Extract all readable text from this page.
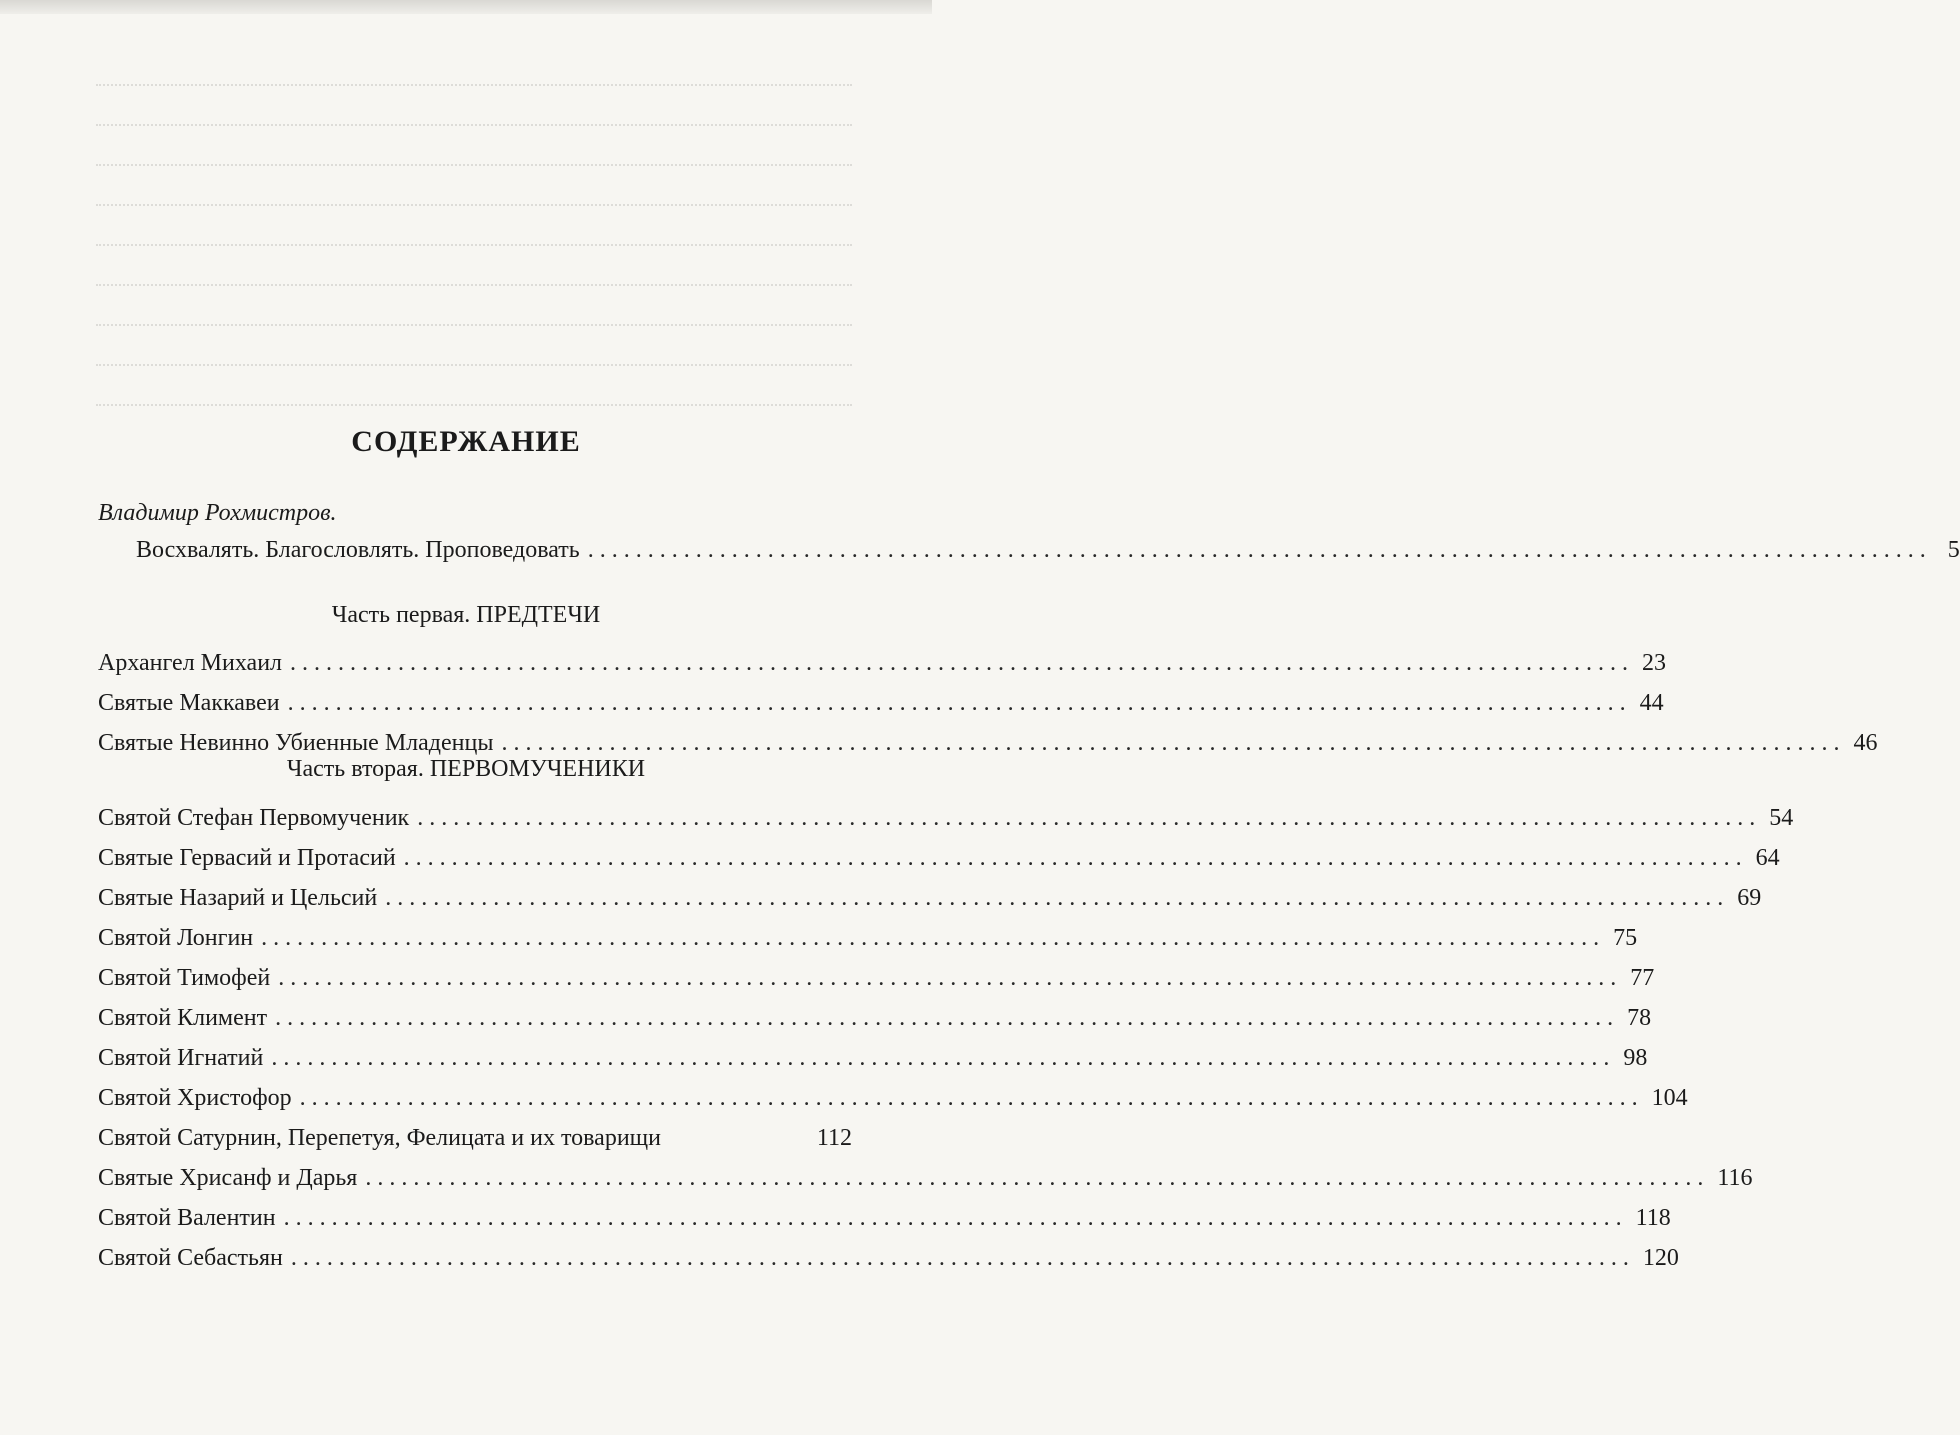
СОДЕРЖАНИЕ
Владимир Рохмистров.
Восхвалять. Благословлять. Проповедовать ................................................................................................................ 5
Часть первая. ПРЕДТЕЧИ
Архангел Михаил ................................................................................................................ 23
Святые Маккавеи ................................................................................................................ 44
Святые Невинно Убиенные Младенцы ................................................................................................................ 46
Часть вторая. ПЕРВОМУЧЕНИКИ
Святой Стефан Первомученик ................................................................................................................ 54
Святые Гервасий и Протасий ................................................................................................................ 64
Святые Назарий и Цельсий ................................................................................................................ 69
Святой Лонгин ................................................................................................................ 75
Святой Тимофей ................................................................................................................ 77
Святой Климент ................................................................................................................ 78
Святой Игнатий ................................................................................................................ 98
Святой Христофор ................................................................................................................ 104
Святой Сатурнин, Перепетуя, Фелицата и их товарищи	112
Святые Хрисанф и Дарья ................................................................................................................ 116
Святой Валентин ................................................................................................................ 118
Святой Себастьян ................................................................................................................ 120
